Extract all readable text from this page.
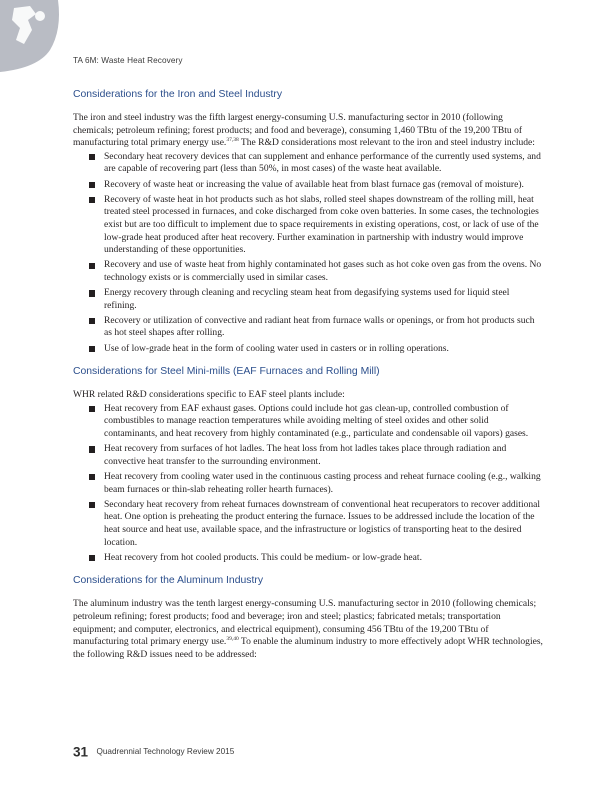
TA 6M: Waste Heat Recovery
Considerations for the Iron and Steel Industry

The iron and steel industry was the fifth largest energy-consuming U.S. manufacturing sector in 2010 (following chemicals; petroleum refining; forest products; and food and beverage), consuming 1,460 TBtu of the 19,200 TBtu of manufacturing total primary energy use.$^{37,38}$ The R&D considerations most relevant to the iron and steel industry include:

Secondary heat recovery devices that can supplement and enhance performance of the currently used systems, and are capable of recovering part (less than 50%, in most cases) of the waste heat available.
Recovery of waste heat or increasing the value of available heat from blast furnace gas (removal of moisture).
Recovery of waste heat in hot products such as hot slabs, rolled steel shapes downstream of the rolling mill, heat treated steel processed in furnaces, and coke discharged from coke oven batteries. In some cases, the technologies exist but are too difficult to implement due to space requirements in existing operations, cost, or lack of use of the low-grade heat produced after heat recovery. Further examination in partnership with industry would improve understanding of these opportunities.
Recovery and use of waste heat from highly contaminated hot gases such as hot coke oven gas from the ovens. No technology exists or is commercially used in similar cases.
Energy recovery through cleaning and recycling steam heat from degasifying systems used for liquid steel refining.
Recovery or utilization of convective and radiant heat from furnace walls or openings, or from hot products such as hot steel shapes after rolling.
Use of low-grade heat in the form of cooling water used in casters or in rolling operations.
Considerations for Steel Mini-mills (EAF Furnaces and Rolling Mill)

WHR related R&D considerations specific to EAF steel plants include:

Heat recovery from EAF exhaust gases. Options could include hot gas clean-up, controlled combustion of combustibles to manage reaction temperatures while avoiding melting of steel oxides and other solid contaminants, and heat recovery from highly contaminated (e.g., particulate and condensable oil vapors) gases.
Heat recovery from surfaces of hot ladles. The heat loss from hot ladles takes place through radiation and convective heat transfer to the surrounding environment.
Heat recovery from cooling water used in the continuous casting process and reheat furnace cooling (e.g., walking beam furnaces or thin-slab reheating roller hearth furnaces).
Secondary heat recovery from reheat furnaces downstream of conventional heat recuperators to recover additional heat. One option is preheating the product entering the furnace. Issues to be addressed include the location of the heat source and heat use, available space, and the infrastructure or logistics of transporting heat to the desired location.
Heat recovery from hot cooled products. This could be medium- or low-grade heat.
Considerations for the Aluminum Industry

The aluminum industry was the tenth largest energy-consuming U.S. manufacturing sector in 2010 (following chemicals; petroleum refining; forest products; food and beverage; iron and steel; plastics; fabricated metals; transportation equipment; and computer, electronics, and electrical equipment), consuming 456 TBtu of the 19,200 TBtu of manufacturing total primary energy use.$^{39,40}$ To enable the aluminum industry to more effectively adopt WHR technologies, the following R&D issues need to be addressed:

31 Quadrennial Technology Review 2015
